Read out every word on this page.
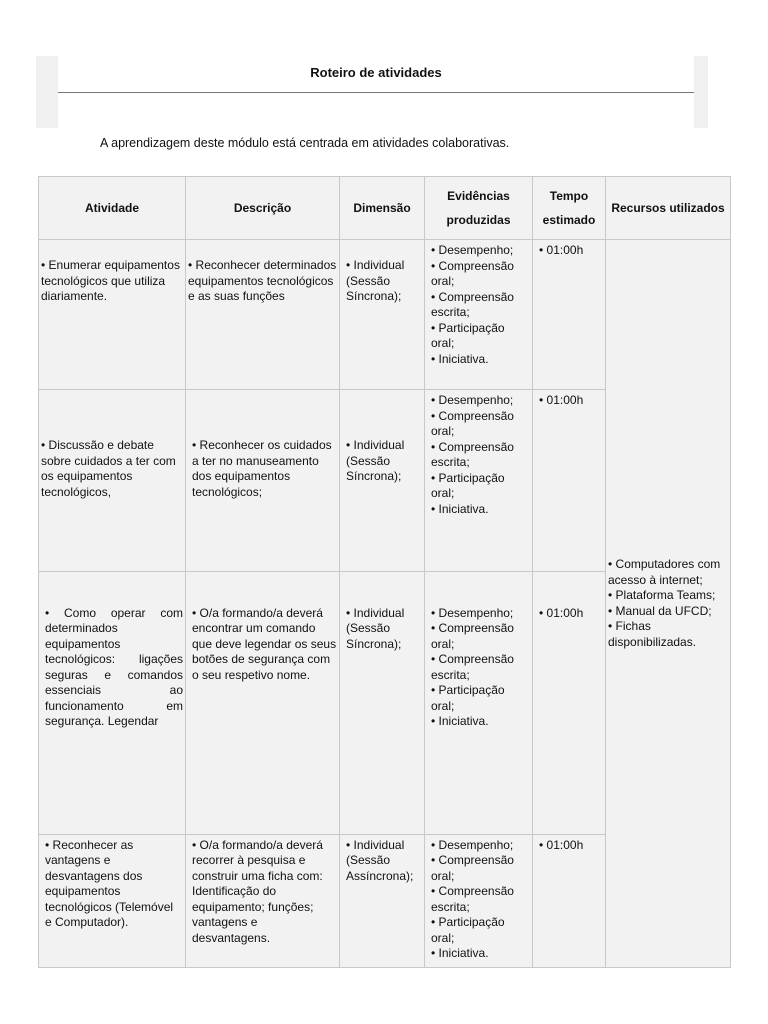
Roteiro de atividades
A aprendizagem deste módulo está centrada em atividades colaborativas.
Atividade	Descrição	Dimensão	Evidências produzidas	Tempo estimado	Recursos utilizados
• Enumerar equipamentos tecnológicos que utiliza diariamente.	• Reconhecer determinados equipamentos tecnológicos e as suas funções	• Individual (Sessão Síncrona);	• Desempenho;
• Compreensão oral;
• Compreensão escrita;
• Participação oral;
• Iniciativa.	• 01:00h	• Computadores com acesso à internet;
• Plataforma Teams;
• Manual da UFCD;
• Fichas disponibilizadas.

• Discussão e debate sobre cuidados a ter com os equipamentos tecnológicos,	• Reconhecer os cuidados a ter no manuseamento dos equipamentos tecnológicos;	• Individual (Sessão Síncrona);	• Desempenho;
• Compreensão oral;
• Compreensão escrita;
• Participação oral;
• Iniciativa.	• 01:00h	
• Como operar com determinados equipamentos tecnológicos: ligações seguras e comandos essenciais ao funcionamento em segurança. Legendar	• O/a formando/a deverá encontrar um comando que deve legendar os seus botões de segurança com o seu respetivo nome.	• Individual (Sessão Síncrona);	• Desempenho;
• Compreensão oral;
• Compreensão escrita;
• Participação oral;
• Iniciativa.	• 01:00h	
• Reconhecer as vantagens e desvantagens dos equipamentos tecnológicos (Telemóvel e Computador).	• O/a formando/a deverá recorrer à pesquisa e construir uma ficha com: Identificação do equipamento; funções; vantagens e desvantagens.	• Individual (Sessão Assíncrona);	• Desempenho;
• Compreensão oral;
• Compreensão escrita;
• Participação oral;
• Iniciativa.	• 01:00h	
